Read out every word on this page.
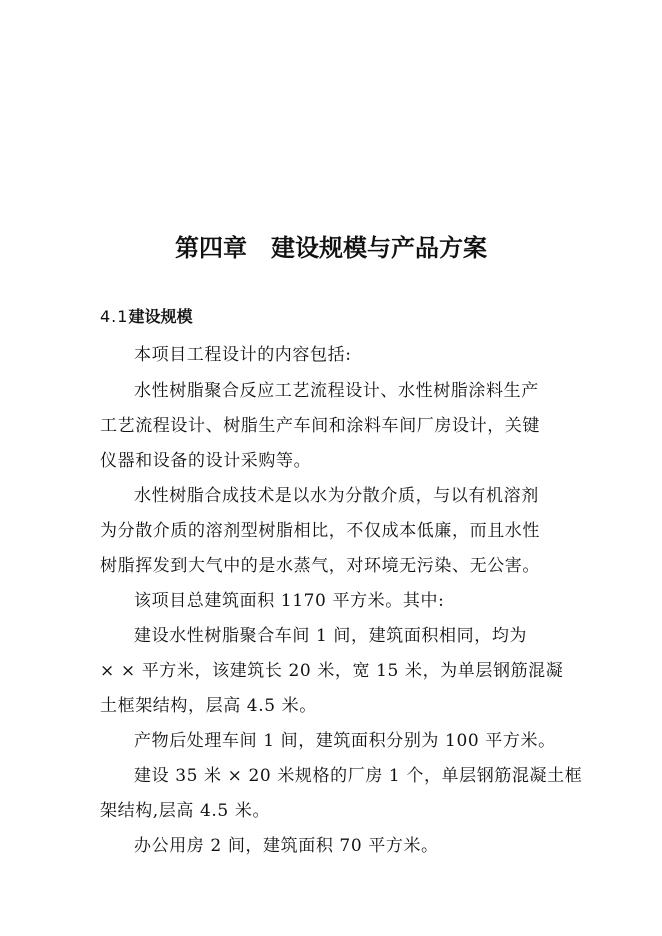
第四章 建设规模与产品方案
4.1建设规模
本项目工程设计的内容包括:
水性树脂聚合反应工艺流程设计、水性树脂涂料生产
工艺流程设计、树脂生产车间和涂料车间厂房设计，关键
仪器和设备的设计采购等。
水性树脂合成技术是以水为分散介质，与以有机溶剂
为分散介质的溶剂型树脂相比，不仅成本低廉，而且水性
树脂挥发到大气中的是水蒸气，对环境无污染、无公害。
该项目总建筑面积 1170 平方米。其中:
建设水性树脂聚合车间 1 间，建筑面积相同，均为
× × 平方米，该建筑长 20 米，宽 15 米，为单层钢筋混凝
土框架结构，层高 4.5 米。
产物后处理车间 1 间，建筑面积分别为 100 平方米。
建设 35 米 × 20 米规格的厂房 1 个，单层钢筋混凝土框
架结构,层高 4.5 米。
办公用房 2 间，建筑面积 70 平方米。
